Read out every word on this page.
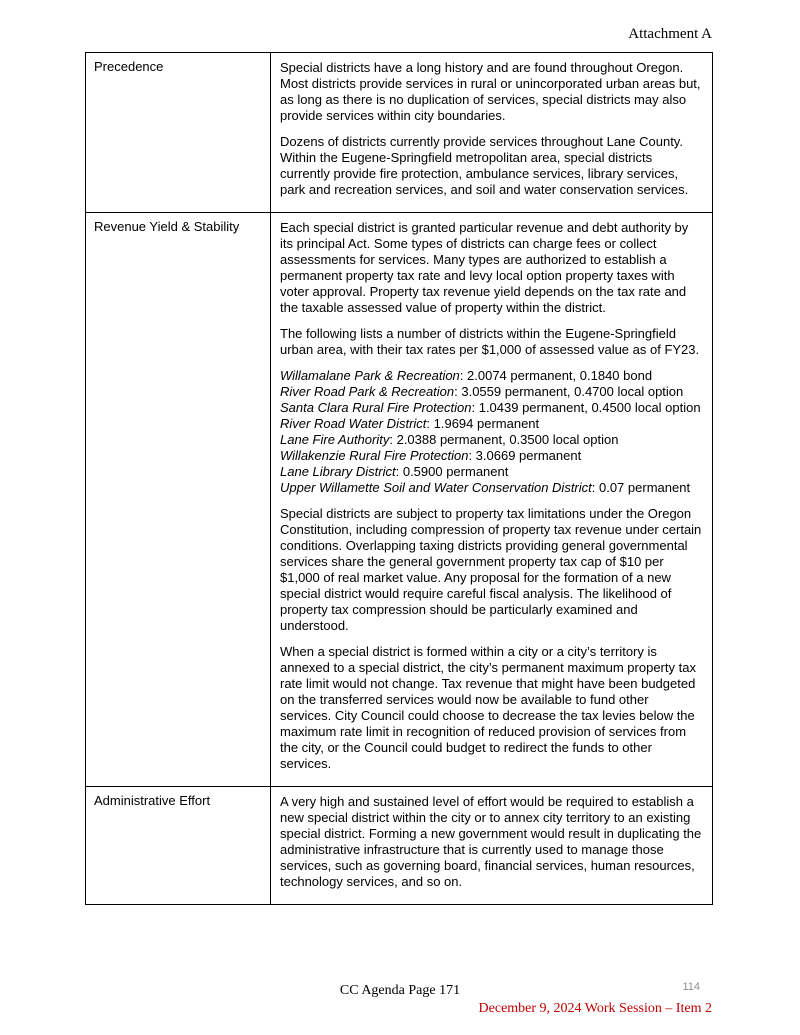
Attachment A
Precedence	Special districts have a long history and are found throughout Oregon. Most districts provide services in rural or unincorporated urban areas but, as long as there is no duplication of services, special districts may also provide services within city boundaries.

Dozens of districts currently provide services throughout Lane County. Within the Eugene-Springfield metropolitan area, special districts currently provide fire protection, ambulance services, library services, park and recreation services, and soil and water conservation services.

Revenue Yield & Stability	Each special district is granted particular revenue and debt authority by its principal Act. Some types of districts can charge fees or collect assessments for services. Many types are authorized to establish a permanent property tax rate and levy local option property taxes with voter approval. Property tax revenue yield depends on the tax rate and the taxable assessed value of property within the district.

The following lists a number of districts within the Eugene-Springfield urban area, with their tax rates per $1,000 of assessed value as of FY23.

Willamalane Park & Recreation: 2.0074 permanent, 0.1840 bond
River Road Park & Recreation: 3.0559 permanent, 0.4700 local option
Santa Clara Rural Fire Protection: 1.0439 permanent, 0.4500 local option
River Road Water District: 1.9694 permanent
Lane Fire Authority: 2.0388 permanent, 0.3500 local option
Willakenzie Rural Fire Protection: 3.0669 permanent
Lane Library District: 0.5900 permanent
Upper Willamette Soil and Water Conservation District: 0.07 permanent

Special districts are subject to property tax limitations under the Oregon Constitution, including compression of property tax revenue under certain conditions. Overlapping taxing districts providing general governmental services share the general government property tax cap of $10 per $1,000 of real market value. Any proposal for the formation of a new special district would require careful fiscal analysis. The likelihood of property tax compression should be particularly examined and understood.

When a special district is formed within a city or a city’s territory is annexed to a special district, the city’s permanent maximum property tax rate limit would not change. Tax revenue that might have been budgeted on the transferred services would now be available to fund other services. City Council could choose to decrease the tax levies below the maximum rate limit in recognition of reduced provision of services from the city, or the Council could budget to redirect the funds to other services.

Administrative Effort	A very high and sustained level of effort would be required to establish a new special district within the city or to annex city territory to an existing special district. Forming a new government would result in duplicating the administrative infrastructure that is currently used to manage those services, such as governing board, financial services, human resources, technology services, and so on.

CC Agenda Page 171	114
December 9, 2024 Work Session – Item 2
